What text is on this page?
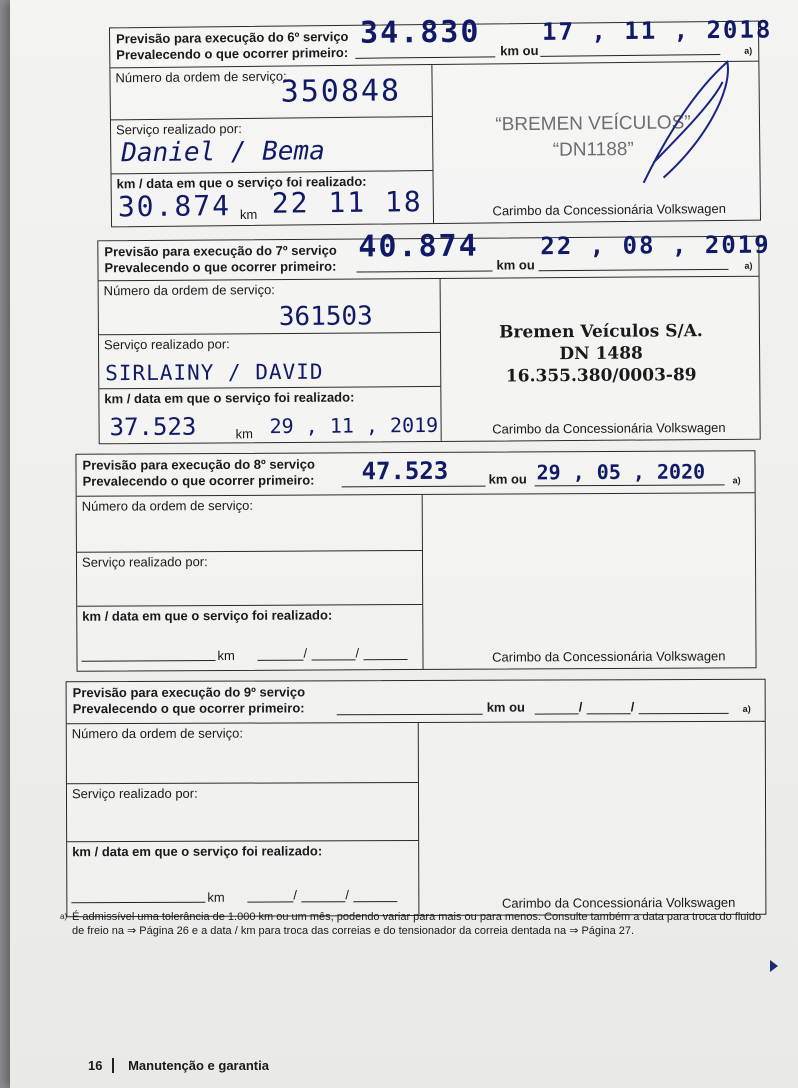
Previsão para execução do 6º serviço
Prevalecendo o que ocorrer primeiro:	km ou	a)
34.830	17 , 11 , 2018
Número da ordem de serviço:
350848
Serviço realizado por:
Daniel / Bema
km / data em que o serviço foi realizado:
30.874 km 22 11 18
“BREMEN VEÍCULOS”
“DN1188”
Carimbo da Concessionária Volkswagen
Previsão para execução do 7º serviço
Prevalecendo o que ocorrer primeiro:	km ou	a)
40.874	22 , 08 , 2019
Número da ordem de serviço:
361503
Serviço realizado por:
SIRLAINY / DAVID
km / data em que o serviço foi realizado:
37.523	km 29 , 11 , 2019
Bremen Veículos S/A.
DN 1488
16.355.380/0003-89
Carimbo da Concessionária Volkswagen
Previsão para execução do 8º serviço
Prevalecendo o que ocorrer primeiro:	km ou	a)
47.523	29 , 05 , 2020
Número da ordem de serviço:
Serviço realizado por:
km / data em que o serviço foi realizado:
km	/	/	Carimbo da Concessionária Volkswagen
Previsão para execução do 9º serviço
Prevalecendo o que ocorrer primeiro:	km ou	a)
/	/
Número da ordem de serviço:
Serviço realizado por:
km / data em que o serviço foi realizado:
km	/	/
Carimbo da Concessionária Volkswagen
a) É admissível uma tolerância de 1.000 km ou um mês, podendo variar para mais ou para menos. Consulte também a data para troca do fluido de freio na ⇒ Página 26 e a data / km para troca das correias e do tensionador da correia dentada na ⇒ Página 27.
16 Manutenção e garantia
